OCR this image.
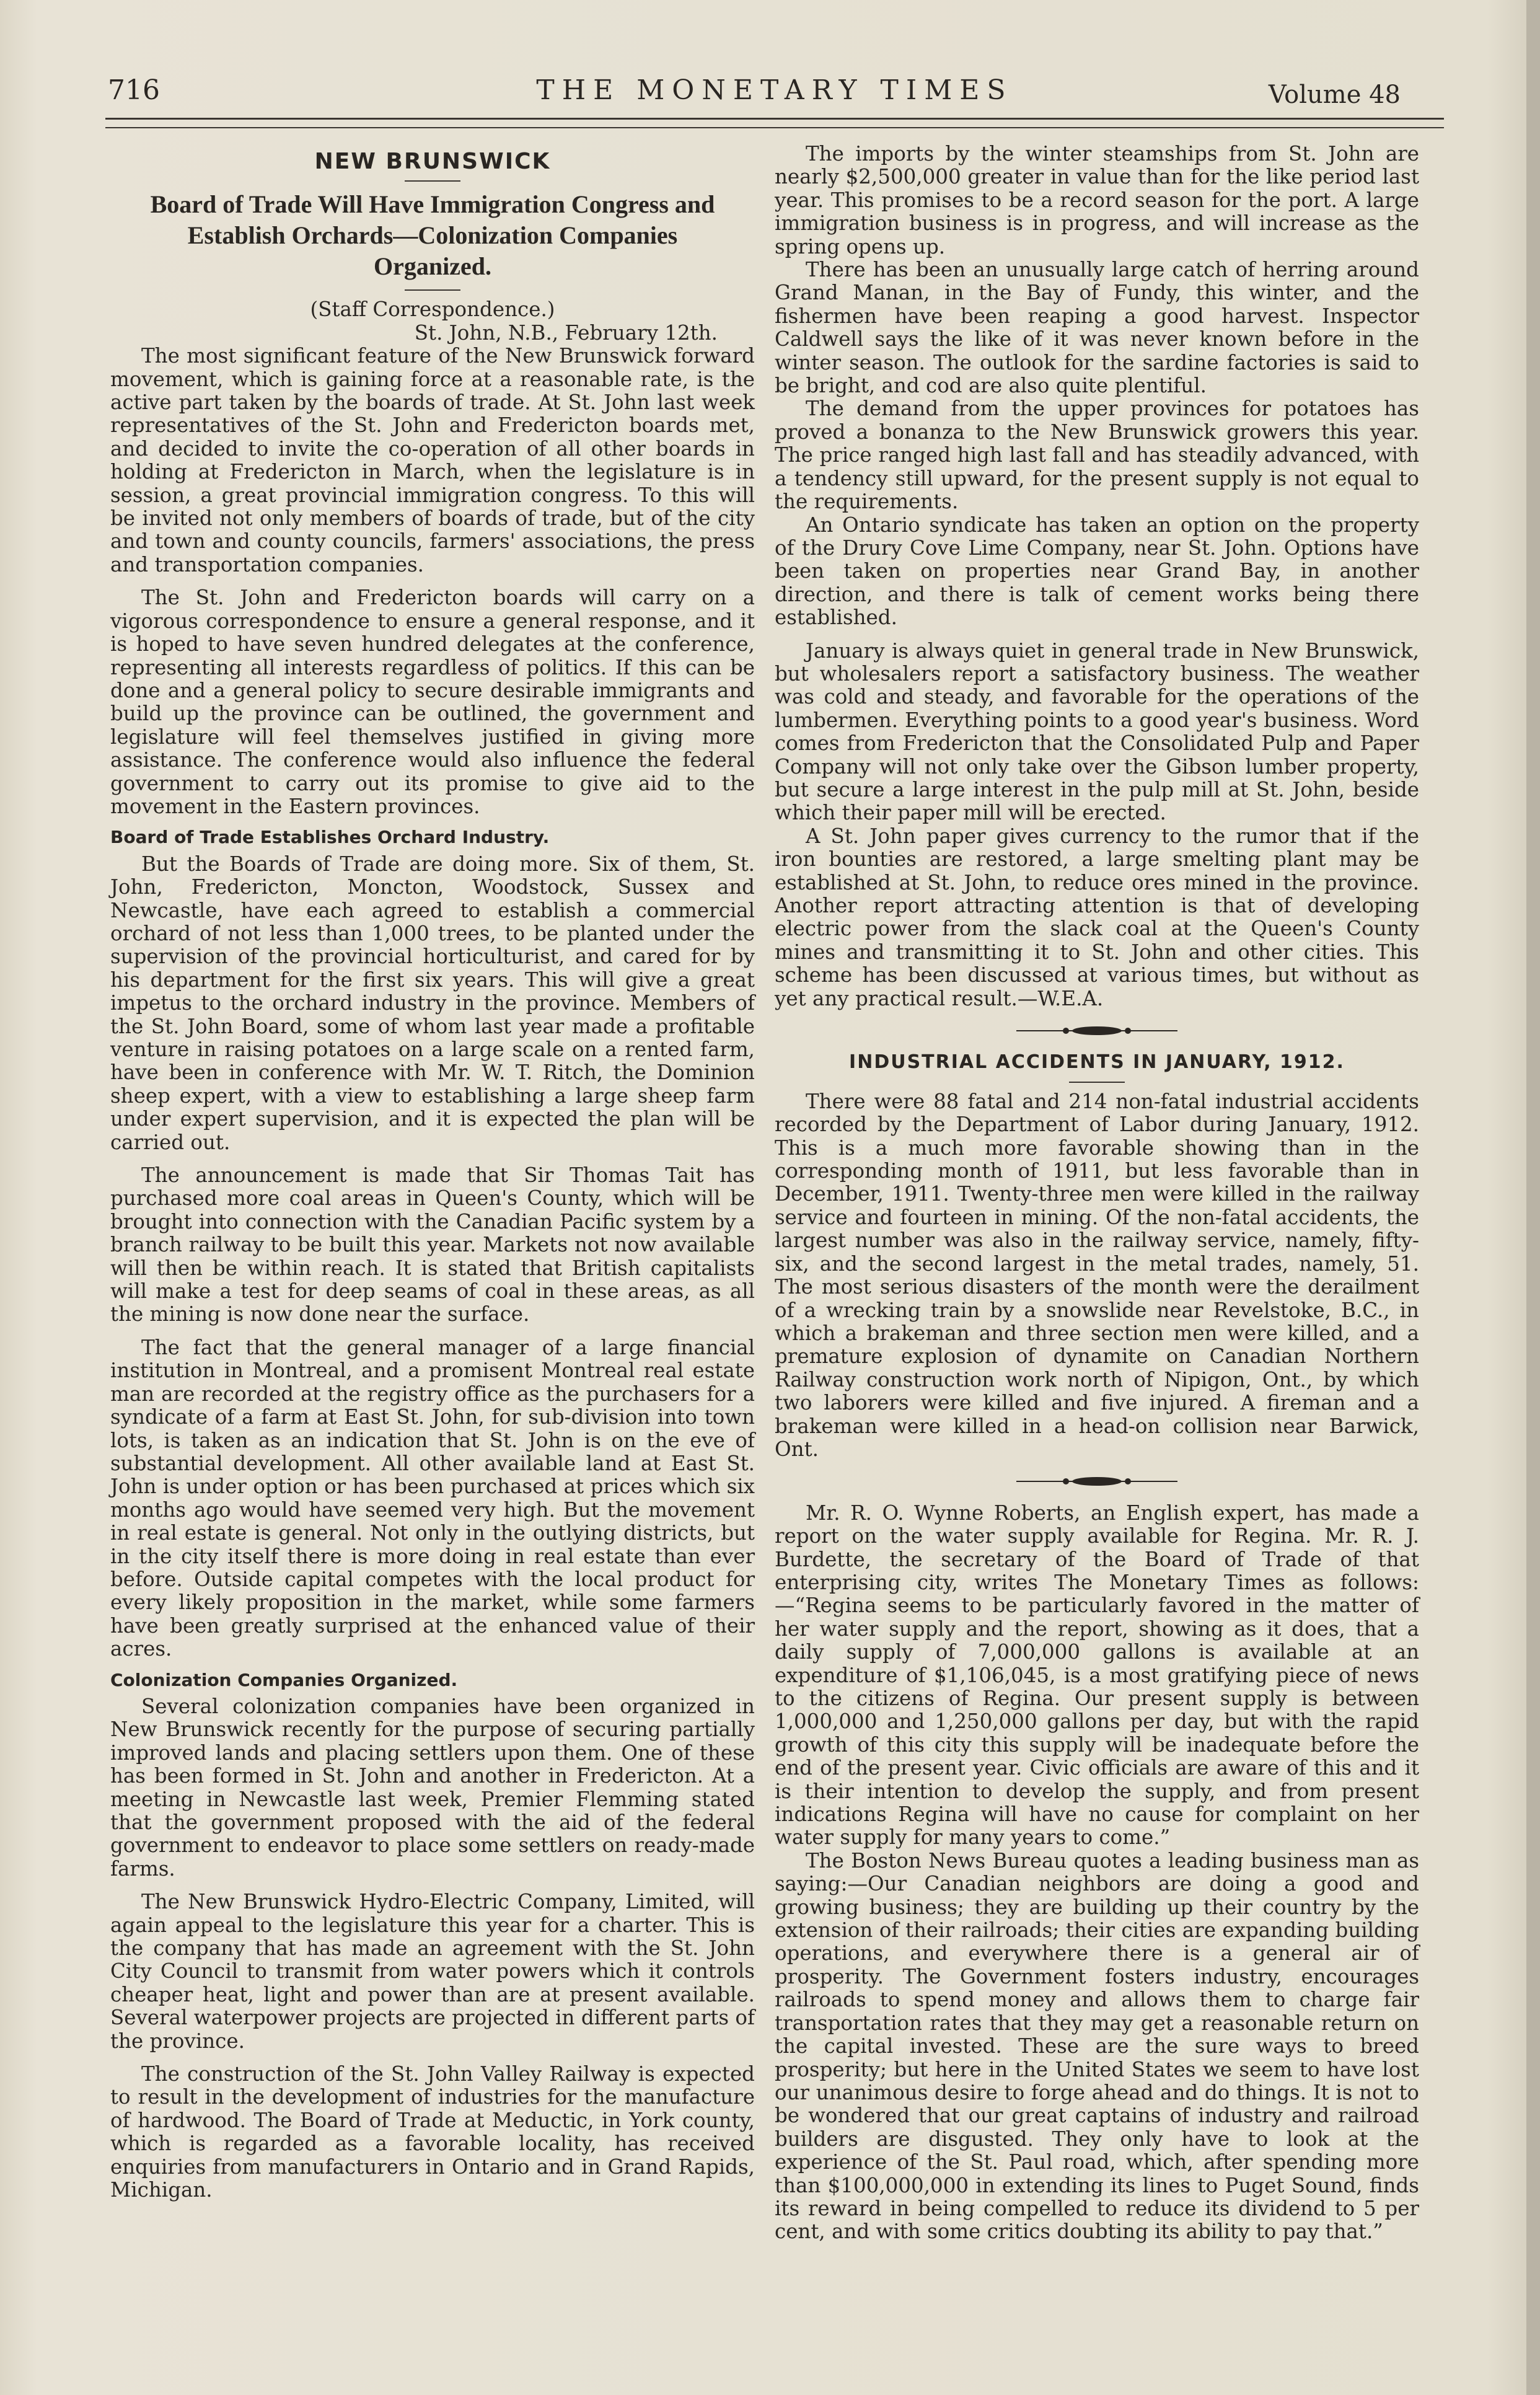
716	THE MONETARY TIMES	Volume 48
NEW BRUNSWICK
Board of Trade Will Have Immigration Congress and Establish Orchards—Colonization Companies Organized.

(Staff Correspondence.)

St. John, N.B., February 12th.

The most significant feature of the New Brunswick forward movement, which is gaining force at a reasonable rate, is the active part taken by the boards of trade. At St. John last week representatives of the St. John and Fredericton boards met, and decided to invite the co-operation of all other boards in holding at Fredericton in March, when the legislature is in session, a great provincial immigration congress. To this will be invited not only members of boards of trade, but of the city and town and county councils, farmers' associations, the press and transportation companies.

The St. John and Fredericton boards will carry on a vigorous correspondence to ensure a general response, and it is hoped to have seven hundred delegates at the conference, representing all interests regardless of politics. If this can be done and a general policy to secure desirable immigrants and build up the province can be outlined, the government and legislature will feel themselves justified in giving more assistance. The conference would also influence the federal government to carry out its promise to give aid to the movement in the Eastern provinces.

Board of Trade Establishes Orchard Industry.

But the Boards of Trade are doing more. Six of them, St. John, Fredericton, Moncton, Woodstock, Sussex and Newcastle, have each agreed to establish a commercial orchard of not less than 1,000 trees, to be planted under the supervision of the provincial horticulturist, and cared for by his department for the first six years. This will give a great impetus to the orchard industry in the province. Members of the St. John Board, some of whom last year made a profitable venture in raising potatoes on a large scale on a rented farm, have been in conference with Mr. W. T. Ritch, the Dominion sheep expert, with a view to establishing a large sheep farm under expert supervision, and it is expected the plan will be carried out.

The announcement is made that Sir Thomas Tait has purchased more coal areas in Queen's County, which will be brought into connection with the Canadian Pacific system by a branch railway to be built this year. Markets not now available will then be within reach. It is stated that British capitalists will make a test for deep seams of coal in these areas, as all the mining is now done near the surface.

The fact that the general manager of a large financial institution in Montreal, and a promisent Montreal real estate man are recorded at the registry office as the purchasers for a syndicate of a farm at East St. John, for sub-division into town lots, is taken as an indication that St. John is on the eve of substantial development. All other available land at East St. John is under option or has been purchased at prices which six months ago would have seemed very high. But the movement in real estate is general. Not only in the outlying districts, but in the city itself there is more doing in real estate than ever before. Outside capital competes with the local product for every likely proposition in the market, while some farmers have been greatly surprised at the enhanced value of their acres.

Colonization Companies Organized.

Several colonization companies have been organized in New Brunswick recently for the purpose of securing partially improved lands and placing settlers upon them. One of these has been formed in St. John and another in Fredericton. At a meeting in Newcastle last week, Premier Flemming stated that the government proposed with the aid of the federal government to endeavor to place some settlers on ready-made farms.

The New Brunswick Hydro-Electric Company, Limited, will again appeal to the legislature this year for a charter. This is the company that has made an agreement with the St. John City Council to transmit from water powers which it controls cheaper heat, light and power than are at present available. Several waterpower projects are projected in different parts of the province.

The construction of the St. John Valley Railway is expected to result in the development of industries for the manufacture of hardwood. The Board of Trade at Meductic, in York county, which is regarded as a favorable locality, has received enquiries from manufacturers in Ontario and in Grand Rapids, Michigan.

The imports by the winter steamships from St. John are nearly $2,500,000 greater in value than for the like period last year. This promises to be a record season for the port. A large immigration business is in progress, and will increase as the spring opens up.

There has been an unusually large catch of herring around Grand Manan, in the Bay of Fundy, this winter, and the fishermen have been reaping a good harvest. Inspector Caldwell says the like of it was never known before in the winter season. The outlook for the sardine factories is said to be bright, and cod are also quite plentiful.

The demand from the upper provinces for potatoes has proved a bonanza to the New Brunswick growers this year. The price ranged high last fall and has steadily advanced, with a tendency still upward, for the present supply is not equal to the requirements.

An Ontario syndicate has taken an option on the property of the Drury Cove Lime Company, near St. John. Options have been taken on properties near Grand Bay, in another direction, and there is talk of cement works being there established.

January is always quiet in general trade in New Brunswick, but wholesalers report a satisfactory business. The weather was cold and steady, and favorable for the operations of the lumbermen. Everything points to a good year's business. Word comes from Fredericton that the Consolidated Pulp and Paper Company will not only take over the Gibson lumber property, but secure a large interest in the pulp mill at St. John, beside which their paper mill will be erected.

A St. John paper gives currency to the rumor that if the iron bounties are restored, a large smelting plant may be established at St. John, to reduce ores mined in the province. Another report attracting attention is that of developing electric power from the slack coal at the Queen's County mines and transmitting it to St. John and other cities. This scheme has been discussed at various times, but without as yet any practical result.—W.E.A.

INDUSTRIAL ACCIDENTS IN JANUARY, 1912.

There were 88 fatal and 214 non-fatal industrial accidents recorded by the Department of Labor during January, 1912. This is a much more favorable showing than in the corresponding month of 1911, but less favorable than in December, 1911. Twenty-three men were killed in the railway service and fourteen in mining. Of the non-fatal accidents, the largest number was also in the railway service, namely, fifty-six, and the second largest in the metal trades, namely, 51. The most serious disasters of the month were the derailment of a wrecking train by a snowslide near Revelstoke, B.C., in which a brakeman and three section men were killed, and a premature explosion of dynamite on Canadian Northern Railway construction work north of Nipigon, Ont., by which two laborers were killed and five injured. A fireman and a brakeman were killed in a head-on collision near Barwick, Ont.

Mr. R. O. Wynne Roberts, an English expert, has made a report on the water supply available for Regina. Mr. R. J. Burdette, the secretary of the Board of Trade of that enterprising city, writes The Monetary Times as follows:—“Regina seems to be particularly favored in the matter of her water supply and the report, showing as it does, that a daily supply of 7,000,000 gallons is available at an expenditure of $1,106,045, is a most gratifying piece of news to the citizens of Regina. Our present supply is between 1,000,000 and 1,250,000 gallons per day, but with the rapid growth of this city this supply will be inadequate before the end of the present year. Civic officials are aware of this and it is their intention to develop the supply, and from present indications Regina will have no cause for complaint on her water supply for many years to come.”

The Boston News Bureau quotes a leading business man as saying:—Our Canadian neighbors are doing a good and growing business; they are building up their country by the extension of their railroads; their cities are expanding building operations, and everywhere there is a general air of prosperity. The Government fosters industry, encourages railroads to spend money and allows them to charge fair transportation rates that they may get a reasonable return on the capital invested. These are the sure ways to breed prosperity; but here in the United States we seem to have lost our unanimous desire to forge ahead and do things. It is not to be wondered that our great captains of industry and railroad builders are disgusted. They only have to look at the experience of the St. Paul road, which, after spending more than $100,000,000 in extending its lines to Puget Sound, finds its reward in being compelled to reduce its dividend to 5 per cent, and with some critics doubting its ability to pay that.”
